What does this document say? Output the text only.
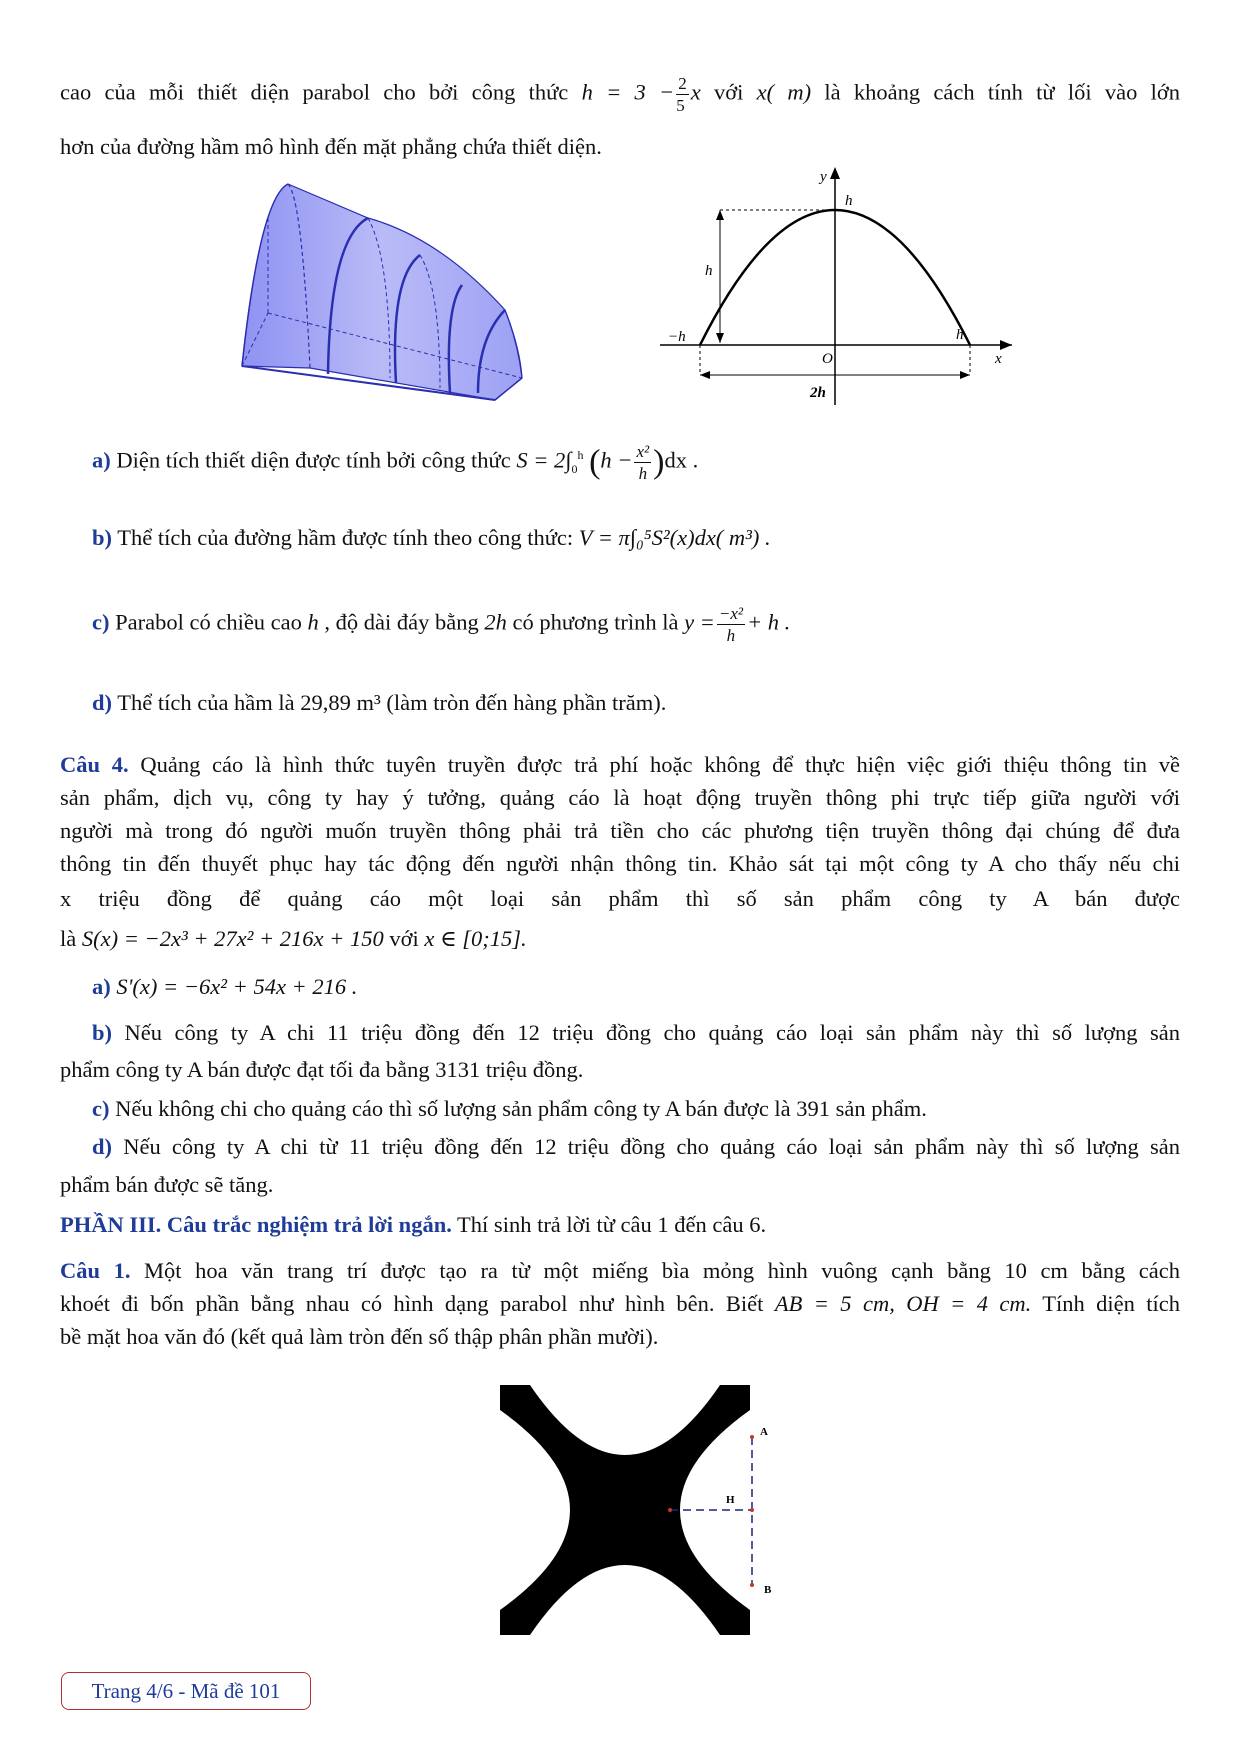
cao của mỗi thiết diện parabol cho bởi công thức $h = 3 - \frac{2}{5}$ x với x( m) là khoảng cách tính từ lối vào lớn
hơn của đường hầm mô hình đến mặt phẳng chứa thiết diện.
y
h
h
−h	h
O	x
2h
a) Diện tích thiết diện được tính bởi công thức $S = 2\int_0^h$ $(h - \frac{\text{x²}}{h} )dx$ .
b) Thể tích của đường hầm được tính theo công thức: V = π∫₀⁵S²(x)dx( m³) .
c) Parabol có chiều cao h , độ dài đáy bằng 2h có phương trình là $y = \frac{\text{−x²}}{h} + h$ .
d) Thể tích của hầm là 29,89 m³ (làm tròn đến hàng phần trăm).
Câu 4. Quảng cáo là hình thức tuyên truyền được trả phí hoặc không để thực hiện việc giới thiệu thông tin về
sản phẩm, dịch vụ, công ty hay ý tưởng, quảng cáo là hoạt động truyền thông phi trực tiếp giữa người với
người mà trong đó người muốn truyền thông phải trả tiền cho các phương tiện truyền thông đại chúng để đưa
thông tin đến thuyết phục hay tác động đến người nhận thông tin. Khảo sát tại một công ty A cho thấy nếu chi
x triệu đồng để quảng cáo một loại sản phẩm thì số sản phẩm công ty A bán được
là S(x) = −2x³ + 27x² + 216x + 150 với x ∈ [0;15].
a) S'(x) = −6x² + 54x + 216 .
b) Nếu công ty A chi 11 triệu đồng đến 12 triệu đồng cho quảng cáo loại sản phẩm này thì số lượng sản
phẩm công ty A bán được đạt tối đa bằng 3131 triệu đồng.
c) Nếu không chi cho quảng cáo thì số lượng sản phẩm công ty A bán được là 391 sản phẩm.
d) Nếu công ty A chi từ 11 triệu đồng đến 12 triệu đồng cho quảng cáo loại sản phẩm này thì số lượng sản
phẩm bán được sẽ tăng.
PHẦN III. Câu trắc nghiệm trả lời ngắn. Thí sinh trả lời từ câu 1 đến câu 6.
Câu 1. Một hoa văn trang trí được tạo ra từ một miếng bìa mỏng hình vuông cạnh bằng 10 cm bằng cách
khoét đi bốn phần bằng nhau có hình dạng parabol như hình bên. Biết AB = 5 cm, OH = 4 cm. Tính diện tích
bề mặt hoa văn đó (kết quả làm tròn đến số thập phân phần mười).
A
O	H
B
Trang 4/6 - Mã đề 101
